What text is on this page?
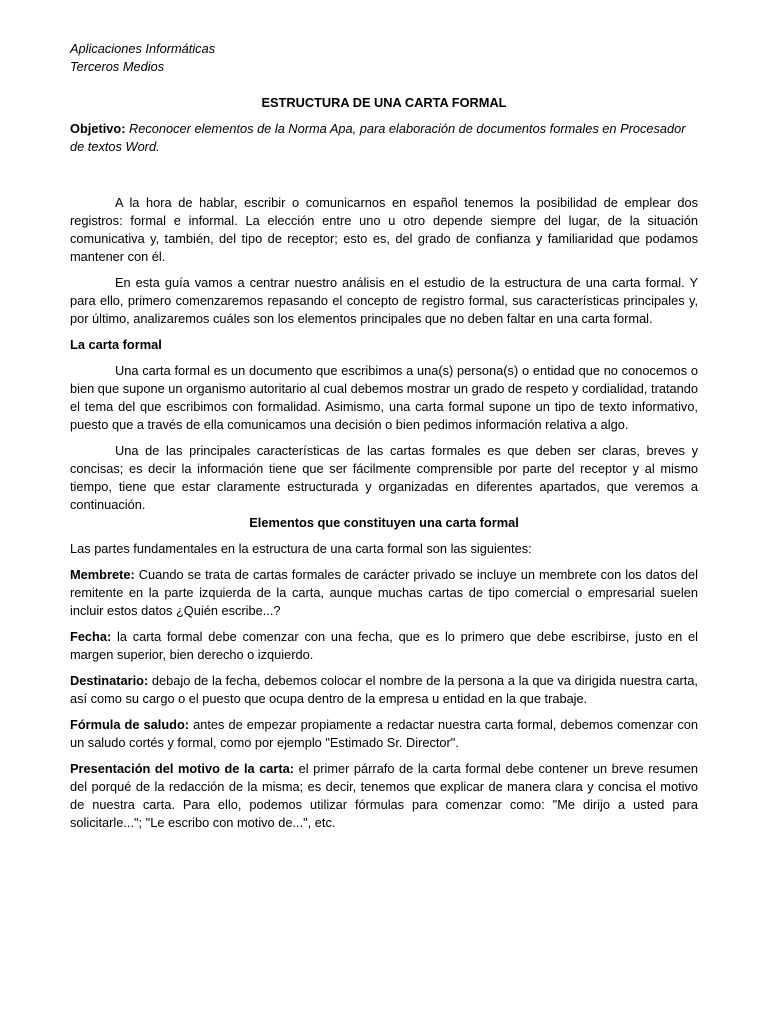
Aplicaciones Informáticas

Terceros Medios

ESTRUCTURA DE UNA CARTA FORMAL

Objetivo: Reconocer elementos de la Norma Apa, para elaboración de documentos formales en Procesador de textos Word.

A la hora de hablar, escribir o comunicarnos en español tenemos la posibilidad de emplear dos registros: formal e informal. La elección entre uno u otro depende siempre del lugar, de la situación comunicativa y, también, del tipo de receptor; esto es, del grado de confianza y familiaridad que podamos mantener con él.

En esta guía vamos a centrar nuestro análisis en el estudio de la estructura de una carta formal. Y para ello, primero comenzaremos repasando el concepto de registro formal, sus características principales y, por último, analizaremos cuáles son los elementos principales que no deben faltar en una carta formal.

La carta formal

Una carta formal es un documento que escribimos a una(s) persona(s) o entidad que no conocemos o bien que supone un organismo autoritario al cual debemos mostrar un grado de respeto y cordialidad, tratando el tema del que escribimos con formalidad. Asimismo, una carta formal supone un tipo de texto informativo, puesto que a través de ella comunicamos una decisión o bien pedimos información relativa a algo.

Una de las principales características de las cartas formales es que deben ser claras, breves y concisas; es decir la información tiene que ser fácilmente comprensible por parte del receptor y al mismo tiempo, tiene que estar claramente estructurada y organizadas en diferentes apartados, que veremos a continuación.

Elementos que constituyen una carta formal

Las partes fundamentales en la estructura de una carta formal son las siguientes:

Membrete: Cuando se trata de cartas formales de carácter privado se incluye un membrete con los datos del remitente en la parte izquierda de la carta, aunque muchas cartas de tipo comercial o empresarial suelen incluir estos datos ¿Quién escribe...?

Fecha: la carta formal debe comenzar con una fecha, que es lo primero que debe escribirse, justo en el margen superior, bien derecho o izquierdo.

Destinatario: debajo de la fecha, debemos colocar el nombre de la persona a la que va dirigida nuestra carta, así como su cargo o el puesto que ocupa dentro de la empresa u entidad en la que trabaje.

Fórmula de saludo: antes de empezar propiamente a redactar nuestra carta formal, debemos comenzar con un saludo cortés y formal, como por ejemplo "Estimado Sr. Director".

Presentación del motivo de la carta: el primer párrafo de la carta formal debe contener un breve resumen del porqué de la redacción de la misma; es decir, tenemos que explicar de manera clara y concisa el motivo de nuestra carta. Para ello, podemos utilizar fórmulas para comenzar como: "Me dirijo a usted para solicitarle..."; "Le escribo con motivo de...", etc.
